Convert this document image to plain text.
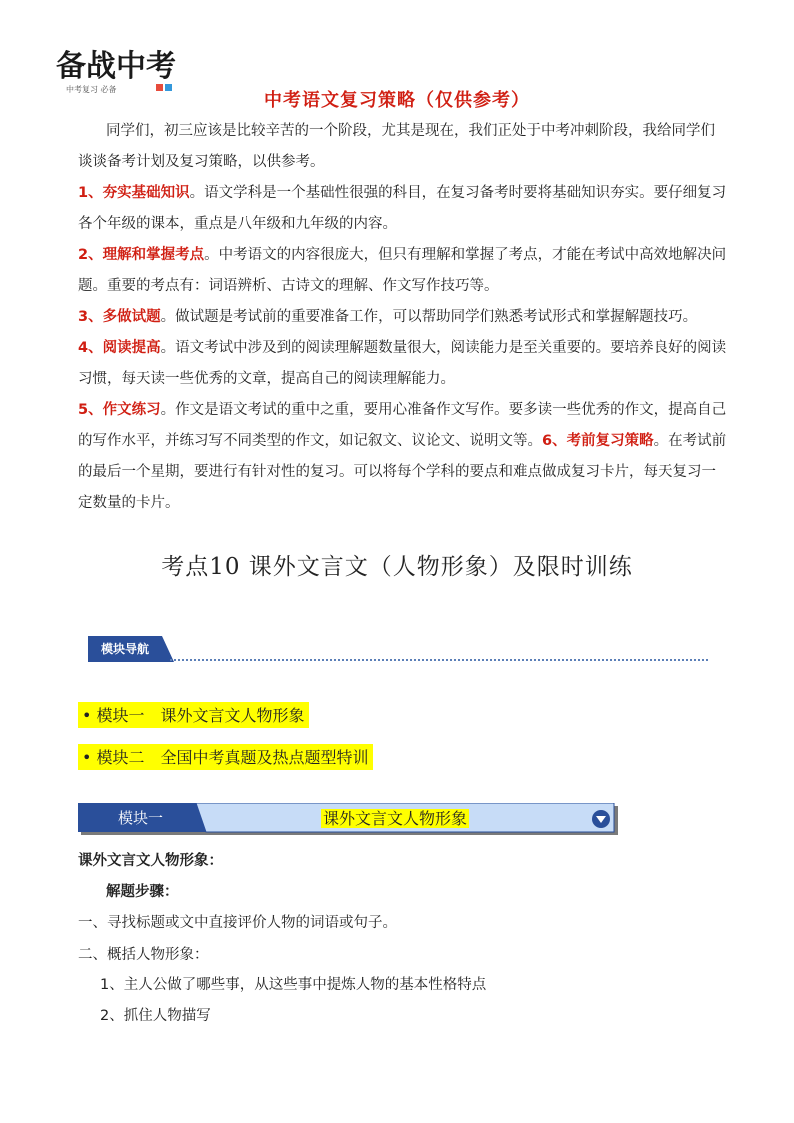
备战中考
中考复习 必备
中考语文复习策略（仅供参考）
同学们，初三应该是比较辛苦的一个阶段，尤其是现在，我们正处于中考冲刺阶段，我给同学们谈谈备考计划及复习策略，以供参考。
1、夯实基础知识。语文学科是一个基础性很强的科目，在复习备考时要将基础知识夯实。要仔细复习各个年级的课本，重点是八年级和九年级的内容。
2、理解和掌握考点。中考语文的内容很庞大，但只有理解和掌握了考点，才能在考试中高效地解决问题。重要的考点有：词语辨析、古诗文的理解、作文写作技巧等。
3、多做试题。做试题是考试前的重要准备工作，可以帮助同学们熟悉考试形式和掌握解题技巧。
4、阅读提高。语文考试中涉及到的阅读理解题数量很大，阅读能力是至关重要的。要培养良好的阅读习惯，每天读一些优秀的文章，提高自己的阅读理解能力。
5、作文练习。作文是语文考试的重中之重，要用心准备作文写作。要多读一些优秀的作文，提高自己的写作水平，并练习写不同类型的作文，如记叙文、议论文、说明文等。6、考前复习策略。在考试前的最后一个星期，要进行有针对性的复习。可以将每个学科的要点和难点做成复习卡片，每天复习一定数量的卡片。
考点10 课外文言文（人物形象）及限时训练
模块导航
• 模块一　课外文言文人物形象
• 模块二　全国中考真题及热点题型特训
模块一	课外文言文人物形象
课外文言文人物形象：
解题步骤：
一、寻找标题或文中直接评价人物的词语或句子。
二、概括人物形象：
1、主人公做了哪些事，从这些事中提炼人物的基本性格特点
2、抓住人物描写
